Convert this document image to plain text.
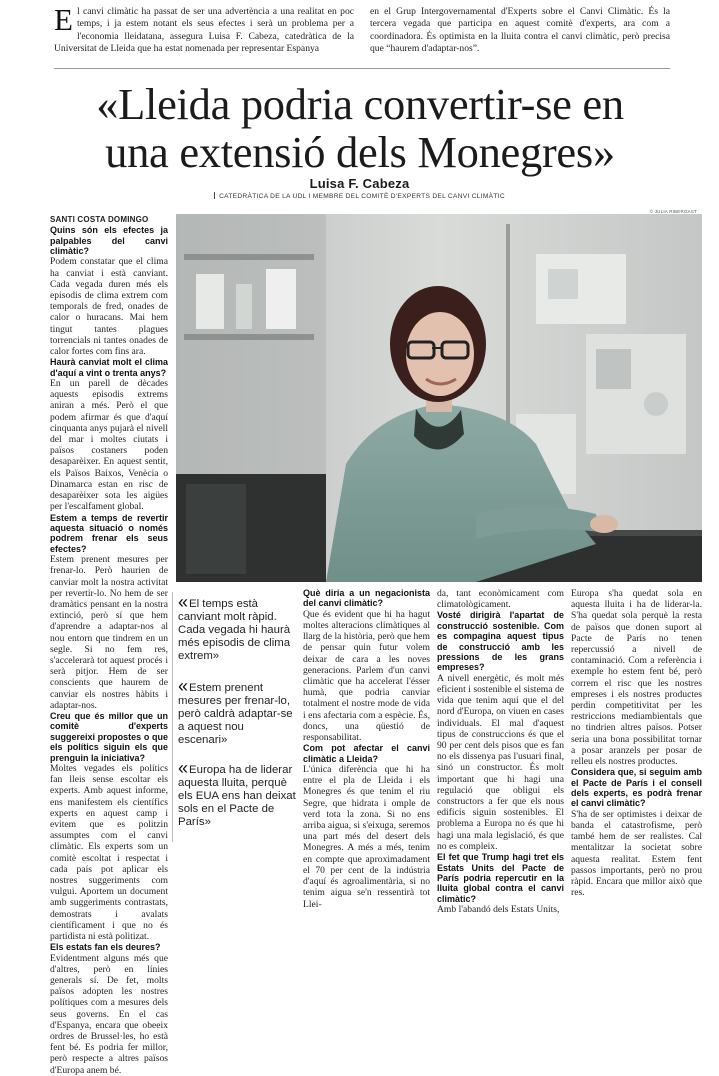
El canvi climàtic ha passat de ser una advertència a una realitat en poc temps, i ja estem notant els seus efectes i serà un problema per a l'economia lleidatana, assegura Luisa F. Cabeza, catedràtica de la Universitat de Lleida que ha estat nomenada per representar Espanya

en el Grup Intergovernamental d'Experts sobre el Canvi Climàtic. És la tercera vegada que participa en aquest comitè d'experts, ara com a coordinadora. És optimista en la lluita contra el canvi climàtic, però precisa que “haurem d'adaptar-nos”.

«Lleida podria convertir-se en
una extensió dels Monegres»
Luisa F. Cabeza
CATEDRÀTICA DE LA UDL I MEMBRE DEL COMITÈ D'EXPERTS DEL CANVI CLIMÀTIC
© JULIA RIBERGAST

SANTI COSTA DOMINGO

Quins són els efectes ja palpables del canvi climàtic?

Podem constatar que el clima ha canviat i està canviant. Cada vegada duren més els episodis de clima extrem com temporals de fred, onades de calor o huracans. Mai hem tingut tantes plagues torrencials ni tantes onades de calor fortes com fins ara.

Haurà canviat molt el clima d'aquí a vint o trenta anys?

En un parell de dècades aquests episodis extrems aniran a més. Però el que podem afirmar és que d'aquí cinquanta anys pujarà el nivell del mar i moltes ciutats i països costaners poden desaparèixer. En aquest sentit, els Països Baixos, Venècia o Dinamarca estan en risc de desaparèixer sota les aigües per l'escalfament global.

Estem a temps de revertir aquesta situació o només podrem frenar els seus efectes?

Estem prenent mesures per frenar-lo. Però haurien de canviar molt la nostra activitat per revertir-lo. No hem de ser dramàtics pensant en la nostra extinció, però sí que hem d'aprendre a adaptar-nos al nou entorn que tindrem en un segle. Si no fem res, s'accelerarà tot aquest procés i serà pitjor. Hem de ser conscients que haurem de canviar els nostres hàbits i adaptar-nos.

Creu que és millor que un comitè d'experts suggereixi propostes o que els polítics siguin els que prenguin la iniciativa?

Moltes vegades els polítics fan lleis sense escoltar els experts. Amb aquest informe, ens manifestem els científics experts en aquest camp i evitem que es politzin assumptes com el canvi climàtic. Els experts som un comitè escoltat i respectat i cada país pot aplicar els nostres suggeriments com vulgui. Aportem un document amb suggeriments contrastats, demostrats i avalats científicament i que no és partidista ni està politizat.

Els estats fan els deures?

Evidentment alguns més que d'altres, però en línies generals sí. De fet, molts països adopten les nostres polítiques com a mesures dels seus governs. En el cas d'Espanya, encara que obeeix ordres de Brussel·les, ho està fent bé. Es podria fer millor, però respecte a altres països d'Europa anem bé.

«El temps està canviant molt ràpid. Cada vegada hi haurà més episodis de clima extrem»
«Estem prenent mesures per frenar-lo, però caldrà adaptar-se a aquest nou escenari»
«Europa ha de liderar aquesta lluita, perquè els EUA ens han deixat sols en el Pacte de París»

Què diria a un negacionista del canvi climàtic?

Que és evident que hi ha hagut moltes alteracions climàtiques al llarg de la història, però que hem de pensar quin futur volem deixar de cara a les noves generacions. Parlem d'un canvi climàtic que ha accelerat l'ésser humà, que podria canviar totalment el nostre mode de vida i ens afectaria com a espècie. És, doncs, una qüestió de responsabilitat.

Com pot afectar el canvi climàtic a Lleida?

L'única diferència que hi ha entre el pla de Lleida i els Monegres és que tenim el riu Segre, que hidrata i omple de verd tota la zona. Si no ens arriba aigua, si s'eixuga, seremos una part més del desert dels Monegres. A més a més, tenim en compte que aproximadament el 70 per cent de la indústria d'aquí és agroalimentària, si no tenim aigua se'n ressentirà tot Llei-

da, tant econòmicament com climatològicament.

Vosté dirigirà l'apartat de construcció sostenible. Com es compagina aquest tipus de construcció amb les pressions de les grans empreses?

A nivell energètic, és molt més eficient i sostenible el sistema de vida que tenim aquí que el del nord d'Europa, on viuen en cases individuals. El mal d'aquest tipus de construccions és que el 90 per cent dels pisos que es fan no els dissenya pas l'usuari final, sinó un constructor. És molt important que hi hagi una regulació que obligui els constructors a fer que els nous edificis siguin sostenibles. El problema a Europa no és que hi hagi una mala legislació, és que no es compleix.

El fet que Trump hagi tret els Estats Units del Pacte de París podria repercutir en la lluita global contra el canvi climàtic?

Amb l'abandó dels Estats Units,

Europa s'ha quedat sola en aquesta lluita i ha de liderar-la. S'ha quedat sola perquè la resta de països que donen suport al Pacte de París no tenen repercussió a nivell de contaminació. Com a referència i exemple ho estem fent bé, però correm el risc que les nostres empreses i els nostres productes perdin competitivitat per les restriccions mediambientals que no tindrien altres països. Potser seria una bona possibilitat tornar a posar aranzels per posar de relleu els nostres productes.

Considera que, si seguim amb el Pacte de París i el consell dels experts, es podrà frenar el canvi climàtic?

S'ha de ser optimistes i deixar de banda el catastrofisme, però també hem de ser realistes. Cal mentalitzar la societat sobre aquesta realitat. Estem fent passos importants, però no prou ràpid. Encara que millor això que res.
